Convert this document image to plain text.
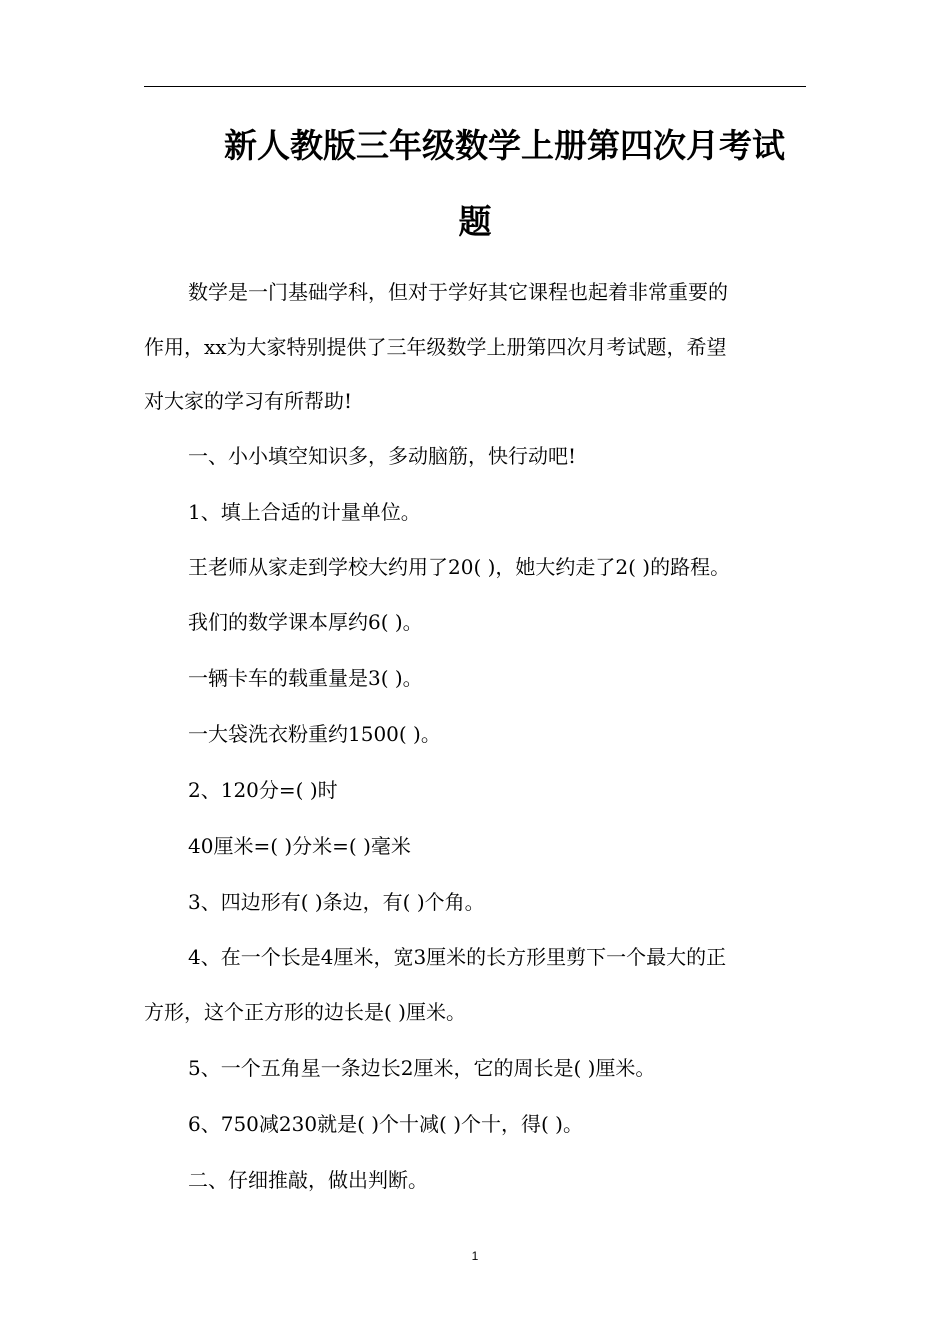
新人教版三年级数学上册第四次月考试
题
数学是一门基础学科，但对于学好其它课程也起着非常重要的
作用，xx为大家特别提供了三年级数学上册第四次月考试题，希望
对大家的学习有所帮助!
一、小小填空知识多，多动脑筋，快行动吧!
1、填上合适的计量单位。
王老师从家走到学校大约用了20( )，她大约走了2( )的路程。
我们的数学课本厚约6( )。
一辆卡车的载重量是3( )。
一大袋洗衣粉重约1500( )。
2、120分=( )时
40厘米=( )分米=( )毫米
3、四边形有( )条边，有( )个角。
4、在一个长是4厘米，宽3厘米的长方形里剪下一个最大的正
方形，这个正方形的边长是( )厘米。
5、一个五角星一条边长2厘米，它的周长是( )厘米。
6、750减230就是( )个十减( )个十，得( )。
二、仔细推敲，做出判断。
1
